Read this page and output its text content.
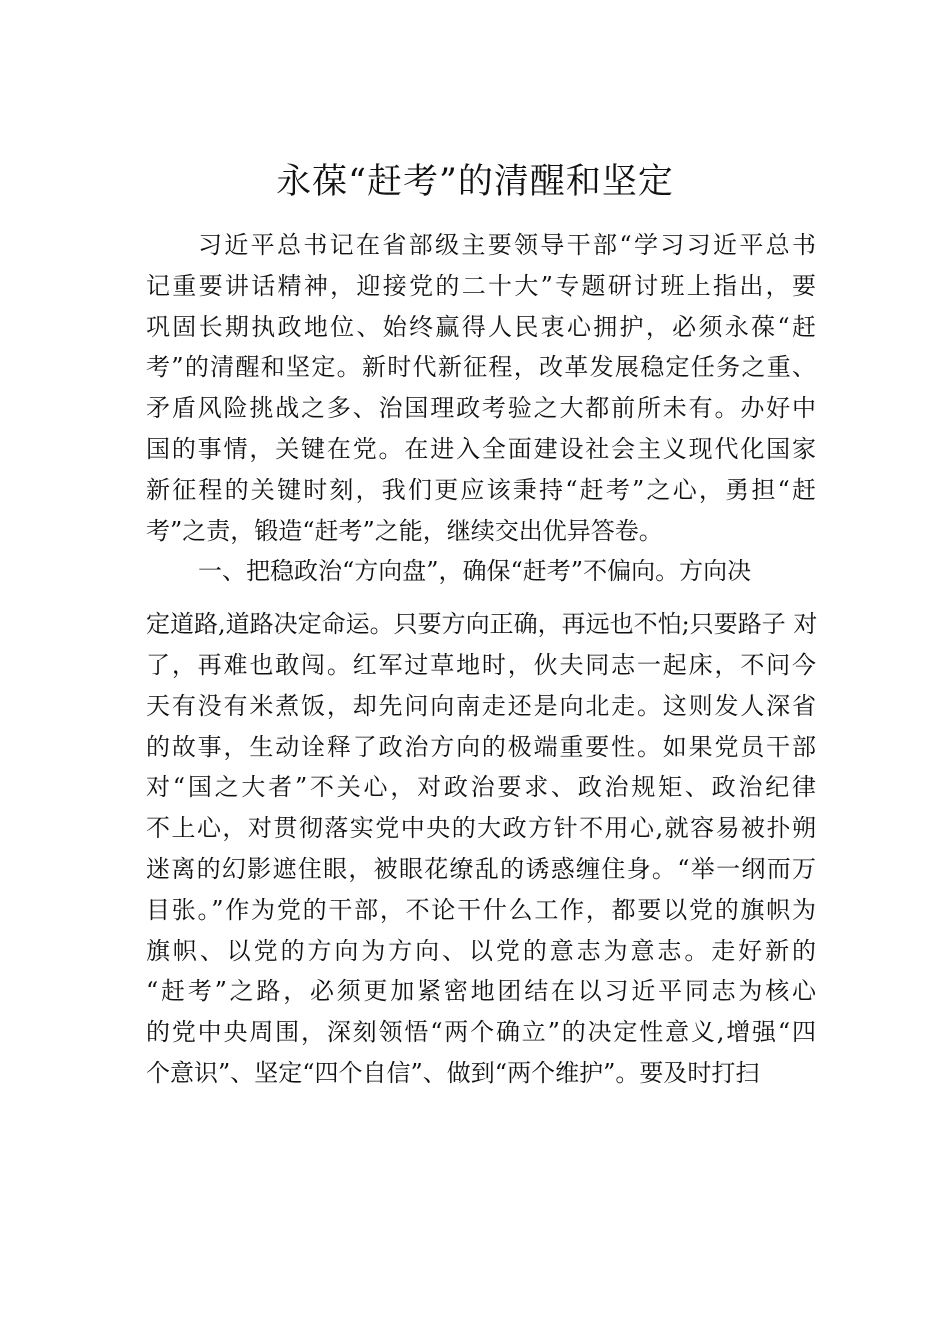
永葆“赶考”的清醒和坚定
习近平总书记在省部级主要领导干部“学习习近平总书
记重要讲话精神，迎接党的二十大”专题研讨班上指出，要
巩固长期执政地位、始终赢得人民衷心拥护，必须永葆“赶
考”的清醒和坚定。新时代新征程，改革发展稳定任务之重、
矛盾风险挑战之多、治国理政考验之大都前所未有。办好中
国的事情，关键在党。在进入全面建设社会主义现代化国家
新征程的关键时刻，我们更应该秉持“赶考”之心，勇担“赶
考”之责，锻造“赶考”之能，继续交出优异答卷。
一、把稳政治“方向盘”，确保“赶考”不偏向。方向决
定道路,道路决定命运。只要方向正确，再远也不怕;只要路子 对
了，再难也敢闯。红军过草地时，伙夫同志一起床，不问今
天有没有米煮饭，却先问向南走还是向北走。这则发人深省
的故事，生动诠释了政治方向的极端重要性。如果党员干部
对“国之大者”不关心，对政治要求、政治规矩、政治纪律
不上心，对贯彻落实党中央的大政方针不用心,就容易被扑朔
迷离的幻影遮住眼，被眼花缭乱的诱惑缠住身。“举一纲而万
目张。”作为党的干部，不论干什么工作，都要以党的旗帜为
旗帜、以党的方向为方向、以党的意志为意志。走好新的
“赶考”之路，必须更加紧密地团结在以习近平同志为核心
的党中央周围，深刻领悟“两个确立”的决定性意义,增强“四
个意识”、坚定“四个自信”、做到“两个维护”。要及时打扫
